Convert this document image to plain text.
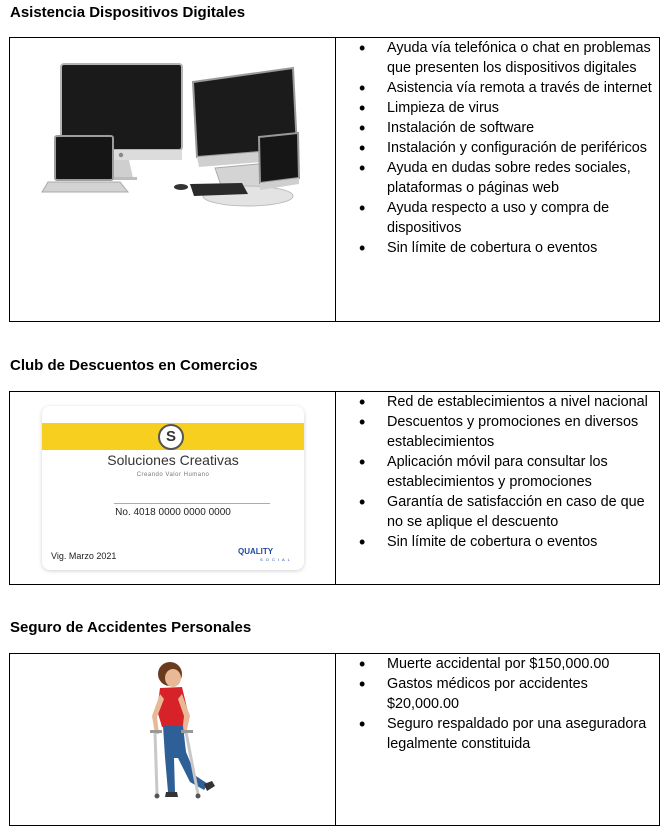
Asistencia Dispositivos Digitales
• Ayuda vía telefónica o chat en problemas que presenten los dispositivos digitales
• Asistencia vía remota a través de internet
• Limpieza de virus
• Instalación de software
• Instalación y configuración de periféricos
• Ayuda en dudas sobre redes sociales, plataformas o páginas web
• Ayuda respecto a uso y compra de dispositivos
• Sin límite de cobertura o eventos
Club de Descuentos en Comercios
S
Soluciones Creativas
Creando Valor Humano
No. 4018 0000 0000 0000
Vig. Marzo 2021	QUALITY
S O C I A L
• Red de establecimientos a nivel nacional
• Descuentos y promociones en diversos establecimientos
• Aplicación móvil para consultar los establecimientos y promociones
• Garantía de satisfacción en caso de que no se aplique el descuento
• Sin límite de cobertura o eventos
Seguro de Accidentes Personales
• Muerte accidental por $150,000.00
• Gastos médicos por accidentes $20,000.00
• Seguro respaldado por una aseguradora legalmente constituida
